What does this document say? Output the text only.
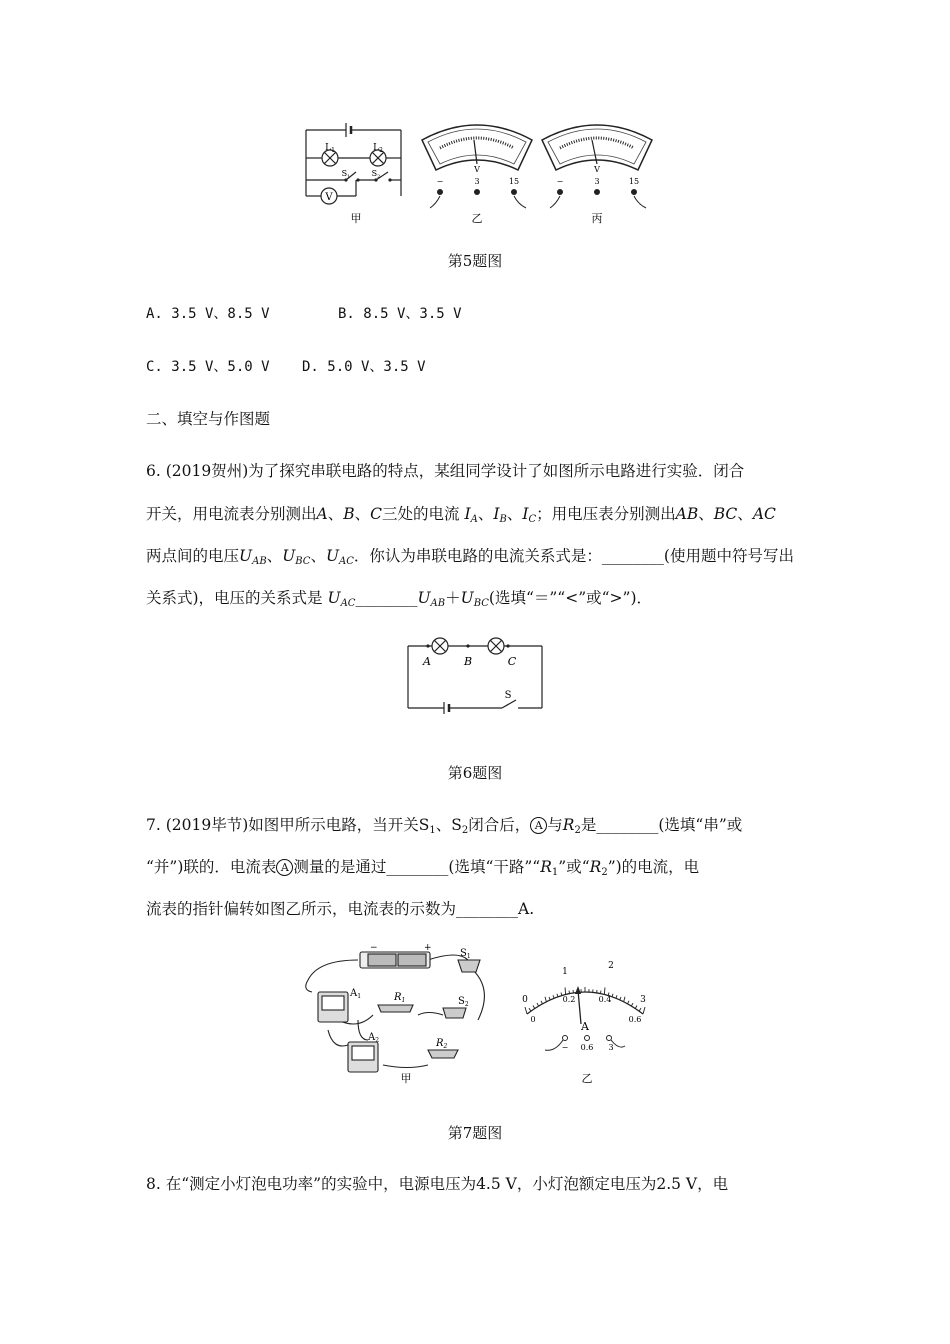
$L_1$	$L_2$
$S_1$	$S_2$
V
甲
−	3	15
V
乙
−	3	15
V
丙
第5题图
A. 3.5 V、8.5 V	B. 8.5 V、3.5 V
C. 3.5 V、5.0 V D. 5.0 V、3.5 V
二、填空与作图题
6. (2019贺州)为了探究串联电路的特点，某组同学设计了如图所示电路进行实验．闭合
开关，用电流表分别测出A、B、C三处的电流 $I_A$、$I_B$、$I_C$；用电压表分别测出AB、BC、AC
两点间的电压$U_{AB}$、$U_{BC}$、$U_{AC}$．你认为串联电路的电流关系式是：________(使用题中符号写出
关系式)，电压的关系式是 $U_{AC}\_\_\_\_\_\_\_\_U_{AB}+U_{BC}$(选填“＝”“<”或“>”)．
A	B	C
S
第6题图
7. (2019毕节)如图甲所示电路，当开关$S_1$、$S_2$闭合后， A 与$R_2$是________(选填“串”或
“并”)联的．电流表 A 测量的是通过________(选填“干路$”“R_1$”或“$R_2$”)的电流，电
流表的指针偏转如图乙所示，电流表的示数为________A.
−	+
$A_1$
$A_2$
$R_1$
$R_2$
$S_1$
$S_2$
甲
0
1
2
3
0
0.2	0.4
0.6
A
− 0.6 3
乙
第7题图
8. 在“测定小灯泡电功率”的实验中，电源电压为4.5 V，小灯泡额定电压为2.5 V，电
